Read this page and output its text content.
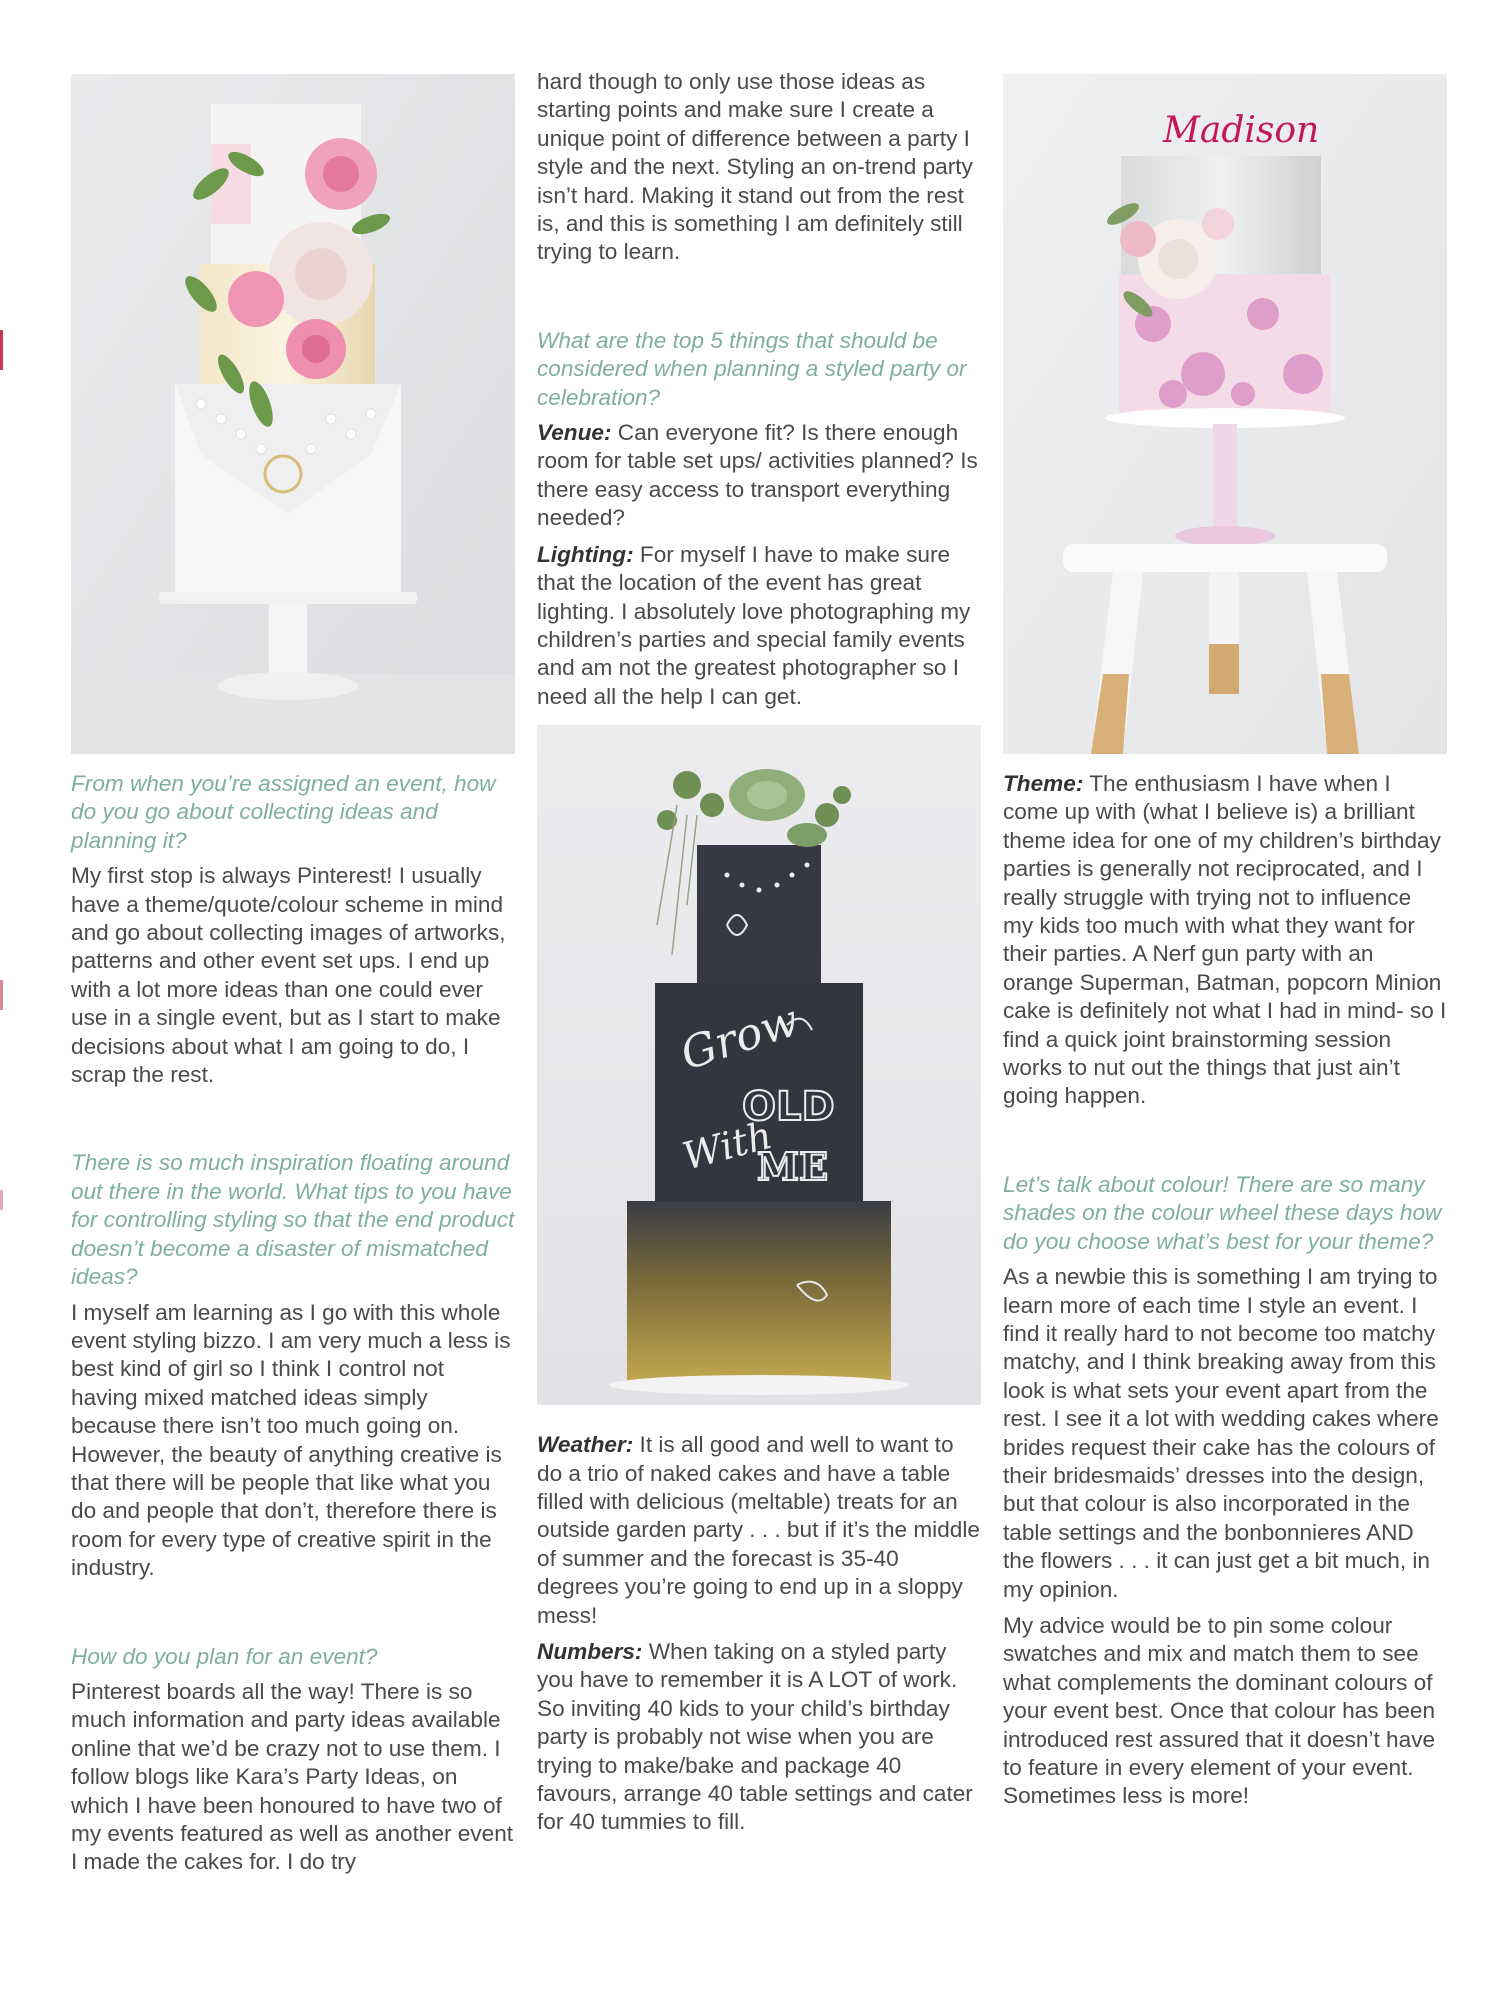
From when you’re assigned an event, how do you go about collecting ideas and planning it?

My first stop is always Pinterest! I usually have a theme/quote/colour scheme in mind and go about collecting images of artworks, patterns and other event set ups. I end up with a lot more ideas than one could ever use in a single event, but as I start to make decisions about what I am going to do, I scrap the rest.

There is so much inspiration floating around out there in the world. What tips to you have for controlling styling so that the end product doesn’t become a disaster of mismatched ideas?

I myself am learning as I go with this whole event styling bizzo. I am very much a less is best kind of girl so I think I control not having mixed matched ideas simply because there isn’t too much going on. However, the beauty of anything creative is that there will be people that like what you do and people that don’t, therefore there is room for every type of creative spirit in the industry.

How do you plan for an event?

Pinterest boards all the way! There is so much information and party ideas available online that we’d be crazy not to use them. I follow blogs like Kara’s Party Ideas, on which I have been honoured to have two of my events featured as well as another event I made the cakes for. I do try

hard though to only use those ideas as starting points and make sure I create a unique point of difference between a party I style and the next. Styling an on-trend party isn’t hard. Making it stand out from the rest is, and this is something I am definitely still trying to learn.

What are the top 5 things that should be considered when planning a styled party or celebration?

Venue: Can everyone fit? Is there enough room for table set ups/ activities planned? Is there easy access to transport everything needed?

Lighting: For myself I have to make sure that the location of the event has great lighting. I absolutely love photographing my children’s parties and special family events and am not the greatest photographer so I need all the help I can get.

Grow
OLD
With
ME

Weather: It is all good and well to want to do a trio of naked cakes and have a table filled with delicious (meltable) treats for an outside garden party . . . but if it’s the middle of summer and the forecast is 35-40 degrees you’re going to end up in a sloppy mess!

Numbers: When taking on a styled party you have to remember it is A LOT of work. So inviting 40 kids to your child’s birthday party is probably not wise when you are trying to make/bake and package 40 favours, arrange 40 table settings and cater for 40 tummies to fill.

Madison

Theme: The enthusiasm I have when I come up with (what I believe is) a brilliant theme idea for one of my children’s birthday parties is generally not reciprocated, and I really struggle with trying not to influence my kids too much with what they want for their parties. A Nerf gun party with an orange Superman, Batman, popcorn Minion cake is definitely not what I had in mind- so I find a quick joint brainstorming session works to nut out the things that just ain’t going happen.

Let’s talk about colour! There are so many shades on the colour wheel these days how do you choose what’s best for your theme?

As a newbie this is something I am trying to learn more of each time I style an event. I find it really hard to not become too matchy matchy, and I think breaking away from this look is what sets your event apart from the rest. I see it a lot with wedding cakes where brides request their cake has the colours of their bridesmaids’ dresses into the design, but that colour is also incorporated in the table settings and the bonbonnieres AND the flowers . . . it can just get a bit much, in my opinion.

My advice would be to pin some colour swatches and mix and match them to see what complements the dominant colours of your event best. Once that colour has been introduced rest assured that it doesn’t have to feature in every element of your event. Sometimes less is more!
